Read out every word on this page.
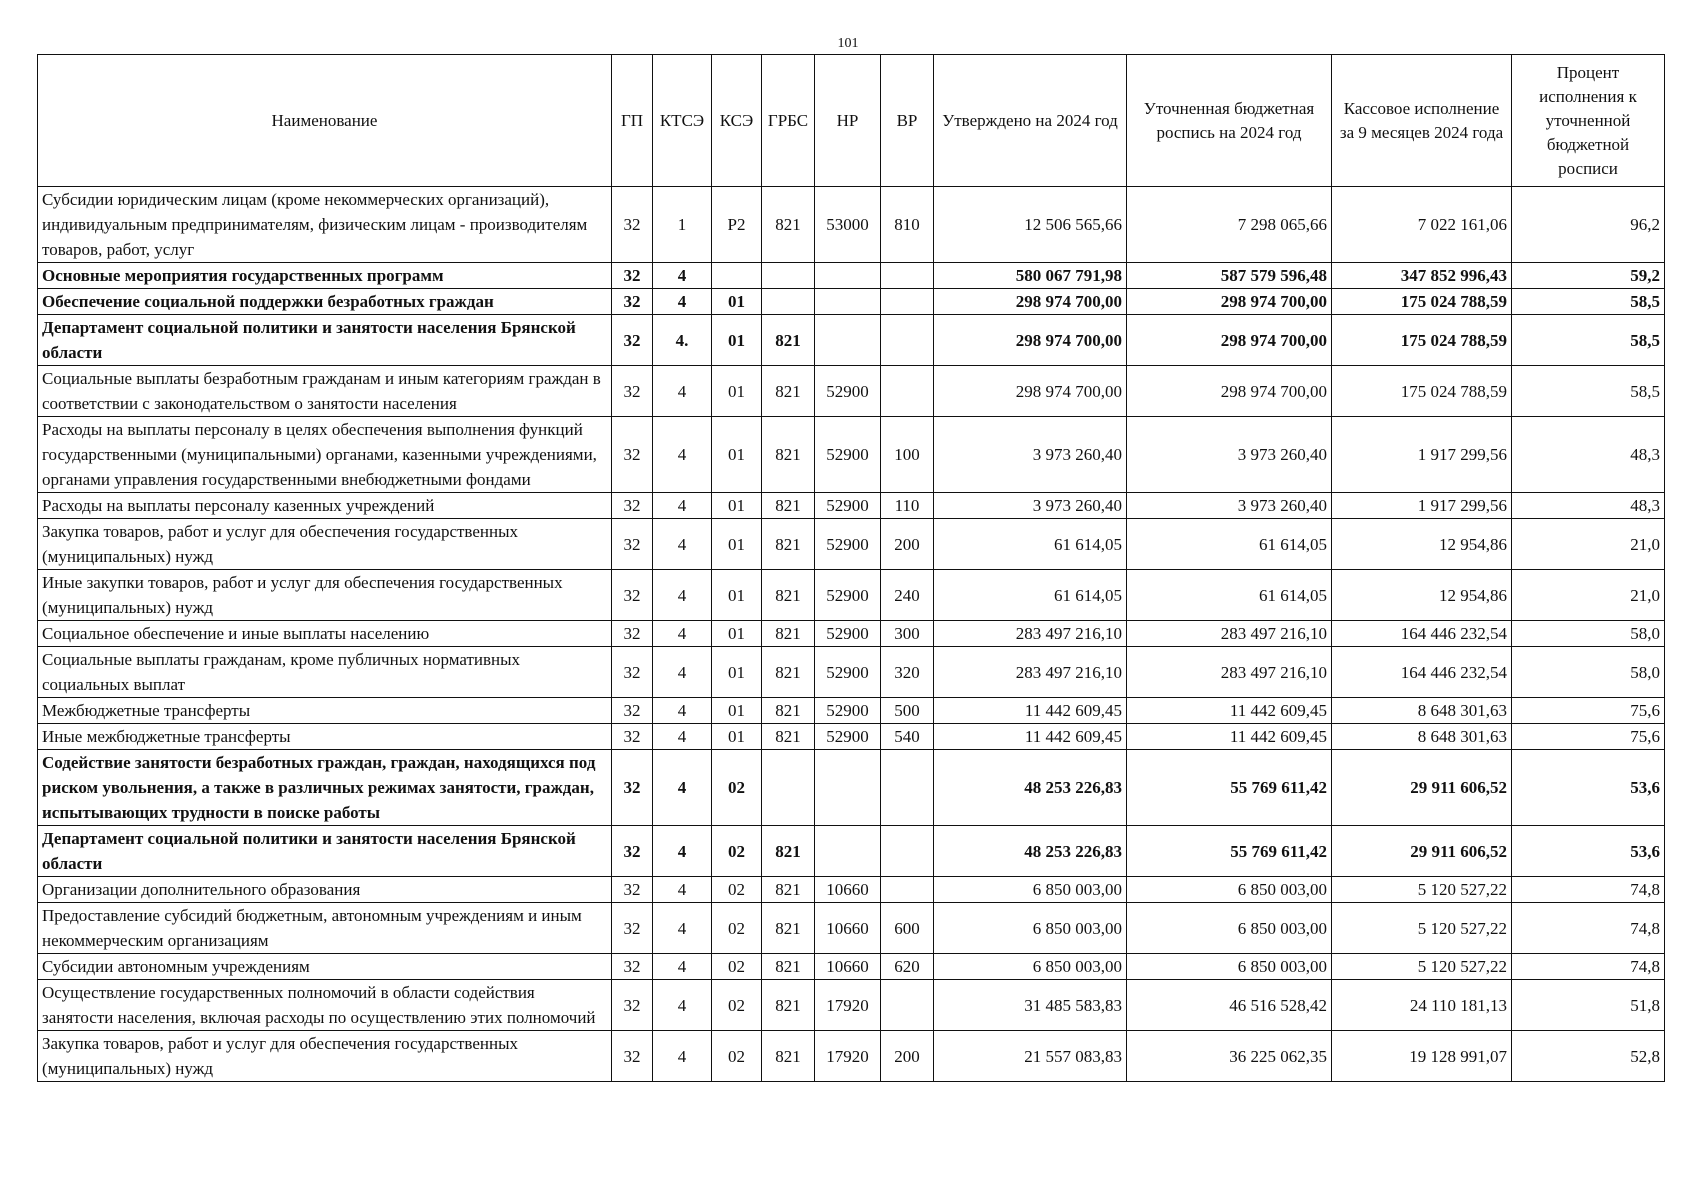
101
Наименование	ГП	КТСЭ	КСЭ	ГРБС	НР	ВР	Утверждено на 2024 год	Уточненная бюджетная роспись на 2024 год	Кассовое исполнение за 9 месяцев 2024 года	Процент исполнения к уточненной бюджетной росписи
Субсидии юридическим лицам (кроме некоммерческих организаций), индивидуальным предпринимателям, физическим лицам - производителям товаров, работ, услуг	32	1	Р2	821	53000	810	12 506 565,66	7 298 065,66	7 022 161,06	96,2
Основные мероприятия государственных программ	32	4					580 067 791,98	587 579 596,48	347 852 996,43	59,2
Обеспечение социальной поддержки безработных граждан	32	4	01				298 974 700,00	298 974 700,00	175 024 788,59	58,5
Департамент социальной политики и занятости населения Брянской области	32	4.	01	821			298 974 700,00	298 974 700,00	175 024 788,59	58,5
Социальные выплаты безработным гражданам и иным категориям граждан в соответствии с законодательством о занятости населения	32	4	01	821	52900		298 974 700,00	298 974 700,00	175 024 788,59	58,5
Расходы на выплаты персоналу в целях обеспечения выполнения функций государственными (муниципальными) органами, казенными учреждениями, органами управления государственными внебюджетными фондами	32	4	01	821	52900	100	3 973 260,40	3 973 260,40	1 917 299,56	48,3
Расходы на выплаты персоналу казенных учреждений	32	4	01	821	52900	110	3 973 260,40	3 973 260,40	1 917 299,56	48,3
Закупка товаров, работ и услуг для обеспечения государственных (муниципальных) нужд	32	4	01	821	52900	200	61 614,05	61 614,05	12 954,86	21,0
Иные закупки товаров, работ и услуг для обеспечения государственных (муниципальных) нужд	32	4	01	821	52900	240	61 614,05	61 614,05	12 954,86	21,0
Социальное обеспечение и иные выплаты населению	32	4	01	821	52900	300	283 497 216,10	283 497 216,10	164 446 232,54	58,0
Социальные выплаты гражданам, кроме публичных нормативных социальных выплат	32	4	01	821	52900	320	283 497 216,10	283 497 216,10	164 446 232,54	58,0
Межбюджетные трансферты	32	4	01	821	52900	500	11 442 609,45	11 442 609,45	8 648 301,63	75,6
Иные межбюджетные трансферты	32	4	01	821	52900	540	11 442 609,45	11 442 609,45	8 648 301,63	75,6
Содействие занятости безработных граждан, граждан, находящихся под риском увольнения, а также в различных режимах занятости, граждан, испытывающих трудности в поиске работы	32	4	02				48 253 226,83	55 769 611,42	29 911 606,52	53,6
Департамент социальной политики и занятости населения Брянской области	32	4	02	821			48 253 226,83	55 769 611,42	29 911 606,52	53,6
Организации дополнительного образования	32	4	02	821	10660		6 850 003,00	6 850 003,00	5 120 527,22	74,8
Предоставление субсидий бюджетным, автономным учреждениям и иным некоммерческим организациям	32	4	02	821	10660	600	6 850 003,00	6 850 003,00	5 120 527,22	74,8
Субсидии автономным учреждениям	32	4	02	821	10660	620	6 850 003,00	6 850 003,00	5 120 527,22	74,8
Осуществление государственных полномочий в области содействия занятости населения, включая расходы по осуществлению этих полномочий	32	4	02	821	17920		31 485 583,83	46 516 528,42	24 110 181,13	51,8
Закупка товаров, работ и услуг для обеспечения государственных (муниципальных) нужд	32	4	02	821	17920	200	21 557 083,83	36 225 062,35	19 128 991,07	52,8
